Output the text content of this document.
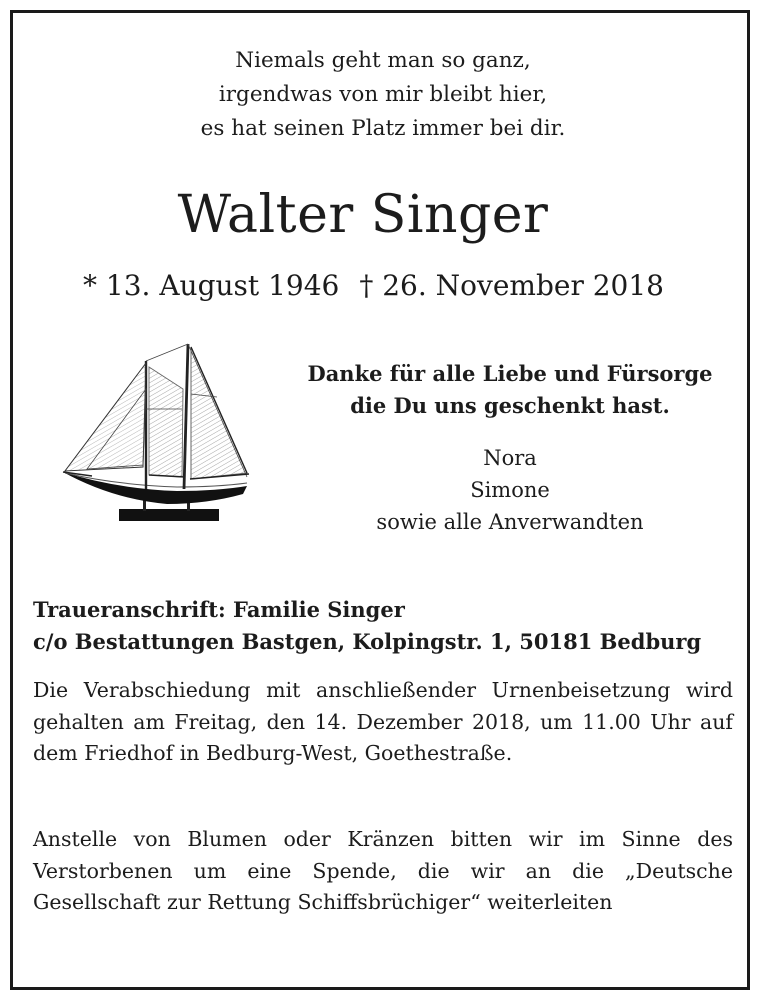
Niemals geht man so ganz,
irgendwas von mir bleibt hier,
es hat seinen Platz immer bei dir.
Walter Singer
* 13. August 1946 † 26. November 2018
Danke für alle Liebe und Fürsorge
die Du uns geschenkt hast.
Nora
Simone
sowie alle Anverwandten
Traueranschrift: Familie Singer
c/o Bestattungen Bastgen, Kolpingstr. 1, 50181 Bedburg
Die Verabschiedung mit anschließender Urnenbeisetzung wird gehalten am Freitag, den 14. Dezember 2018, um 11.00 Uhr auf dem Friedhof in Bedburg-West, Goethestraße.
Anstelle von Blumen oder Kränzen bitten wir im Sinne des Verstorbenen um eine Spende, die wir an die „Deutsche Gesellschaft zur Rettung Schiffsbrüchiger“ weiterleiten
